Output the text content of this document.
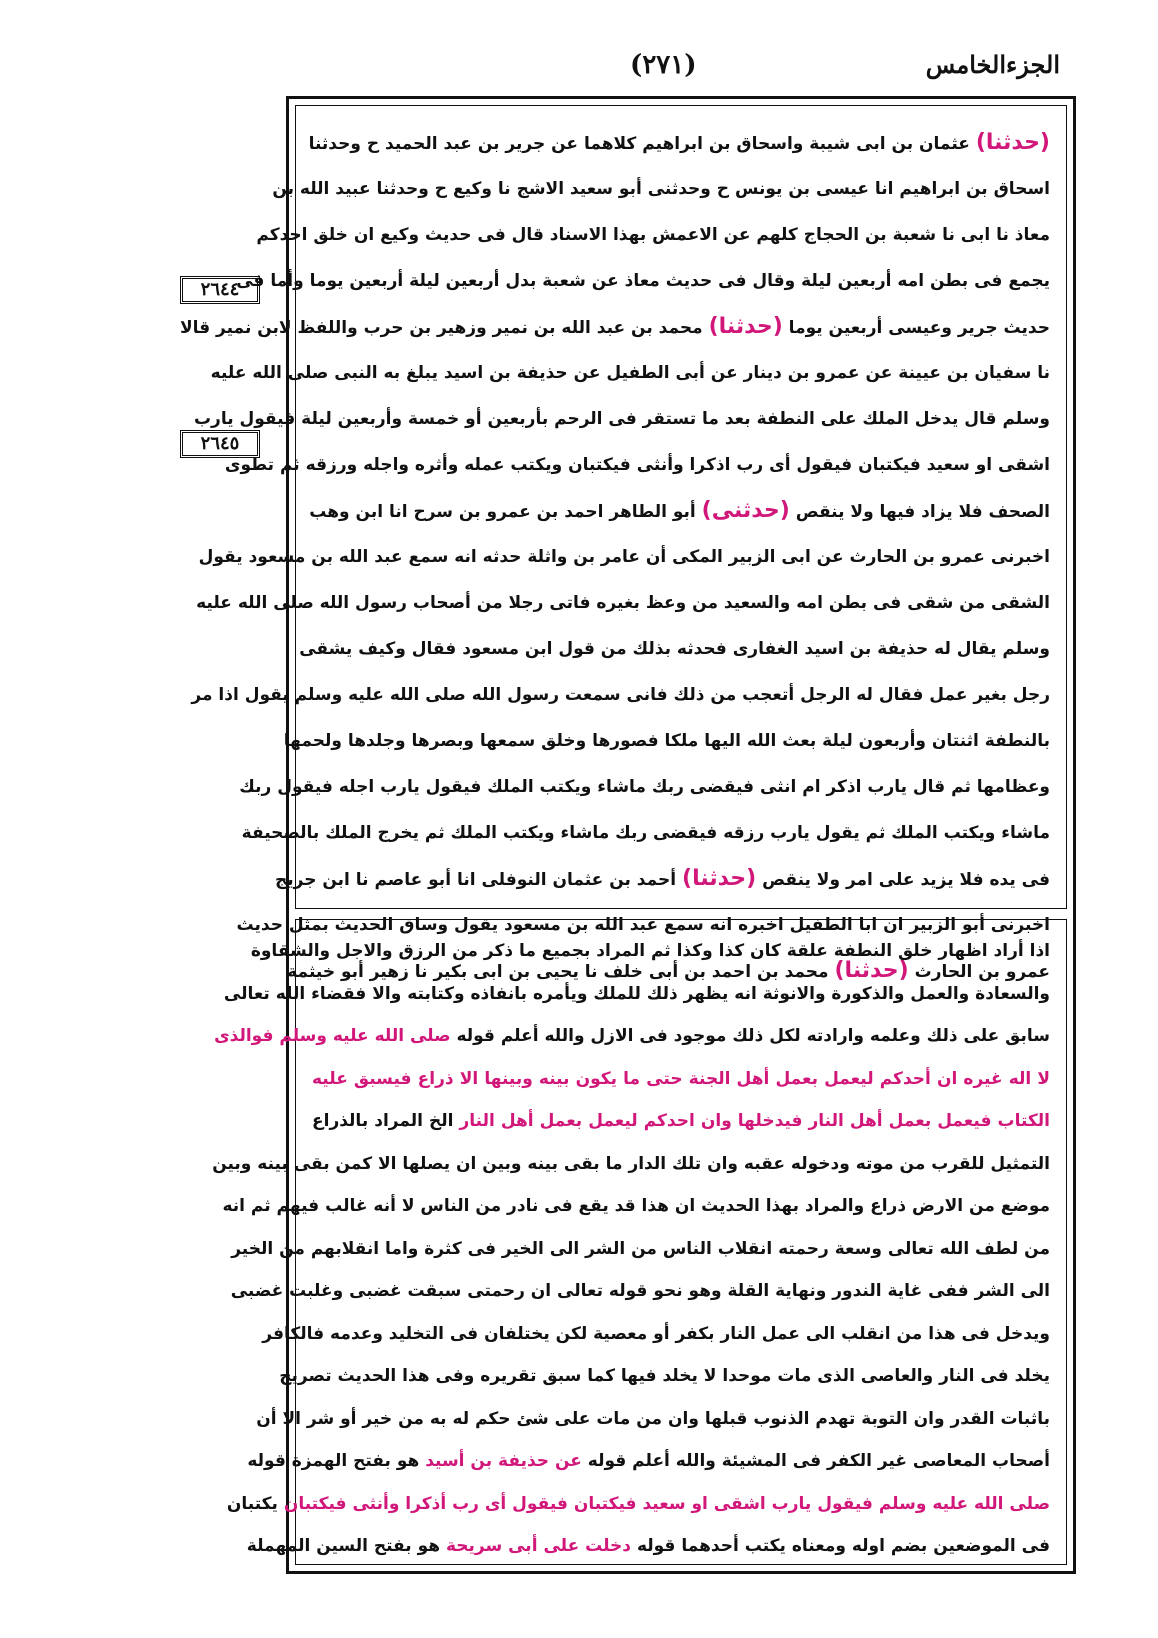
الجزءالخامس
(٢٧١)
٢٦٤٤
٢٦٤٥
(حدثنا) عثمان بن ابى شيبة واسحاق بن ابراهيم كلاهما عن جرير بن عبد الحميد ح وحدثنا
اسحاق بن ابراهيم انا عيسى بن يونس ح وحدثنى أبو سعيد الاشج نا وكيع ح وحدثنا عبيد الله بن
معاذ نا ابى نا شعبة بن الحجاج كلهم عن الاعمش بهذا الاسناد قال فى حديث وكيع ان خلق احدكم
يجمع فى بطن امه أربعين ليلة وقال فى حديث معاذ عن شعبة بدل أربعين ليلة أربعين يوما وأما فى
حديث جرير وعيسى أربعين يوما (حدثنا) محمد بن عبد الله بن نمير وزهير بن حرب واللفظ لابن نمير قالا
نا سفيان بن عيينة عن عمرو بن دينار عن أبى الطفيل عن حذيفة بن اسيد يبلغ به النبى صلى الله عليه
وسلم قال يدخل الملك على النطفة بعد ما تستقر فى الرحم بأربعين أو خمسة وأربعين ليلة فيقول يارب
اشقى او سعيد فيكتبان فيقول أى رب اذكرا وأنثى فيكتبان ويكتب عمله وأثره واجله ورزقه ثم تطوى
الصحف فلا يزاد فيها ولا ينقص (حدثنى) أبو الطاهر احمد بن عمرو بن سرح انا ابن وهب
اخبرنى عمرو بن الحارث عن ابى الزبير المكى أن عامر بن واثلة حدثه انه سمع عبد الله بن مسعود يقول
الشقى من شقى فى بطن امه والسعيد من وعظ بغيره فاتى رجلا من أصحاب رسول الله صلى الله عليه
وسلم يقال له حذيفة بن اسيد الغفارى فحدثه بذلك من قول ابن مسعود فقال وكيف يشقى
رجل بغير عمل فقال له الرجل أتعجب من ذلك فانى سمعت رسول الله صلى الله عليه وسلم يقول اذا مر
بالنطفة اثنتان وأربعون ليلة بعث الله اليها ملكا فصورها وخلق سمعها وبصرها وجلدها ولحمها
وعظامها ثم قال يارب اذكر ام انثى فيقضى ربك ماشاء ويكتب الملك فيقول يارب اجله فيقول ربك
ماشاء ويكتب الملك ثم يقول يارب رزقه فيقضى ربك ماشاء ويكتب الملك ثم يخرج الملك بالصحيفة
فى يده فلا يزيد على امر ولا ينقص (حدثنا) أحمد بن عثمان النوفلى انا أبو عاصم نا ابن جريج
اخبرنى أبو الزبير ان ابا الطفيل اخبره انه سمع عبد الله بن مسعود يقول وساق الحديث بمثل حديث
عمرو بن الحارث (حدثنا) محمد بن احمد بن أبى خلف نا يحيى بن ابى بكير نا زهير أبو خيثمة
اذا أراد اظهار خلق النطفة علقة كان كذا وكذا ثم المراد بجميع ما ذكر من الرزق والاجل والشقاوة
والسعادة والعمل والذكورة والانوثة انه يظهر ذلك للملك ويأمره بانفاذه وكتابته والا فقضاء الله تعالى
سابق على ذلك وعلمه وارادته لكل ذلك موجود فى الازل والله أعلم قوله صلى الله عليه وسلم فوالذى
لا اله غيره ان أحدكم ليعمل بعمل أهل الجنة حتى ما يكون بينه وبينها الا ذراع فيسبق عليه
الكتاب فيعمل بعمل أهل النار فيدخلها وان احدكم ليعمل بعمل أهل النار الخ المراد بالذراع
التمثيل للقرب من موته ودخوله عقبه وان تلك الدار ما بقى بينه وبين ان يصلها الا كمن بقى بينه وبين
موضع من الارض ذراع والمراد بهذا الحديث ان هذا قد يقع فى نادر من الناس لا أنه غالب فيهم ثم انه
من لطف الله تعالى وسعة رحمته انقلاب الناس من الشر الى الخير فى كثرة واما انقلابهم من الخير
الى الشر ففى غاية الندور ونهاية القلة وهو نحو قوله تعالى ان رحمتى سبقت غضبى وغلبت غضبى
ويدخل فى هذا من انقلب الى عمل النار بكفر أو معصية لكن يختلفان فى التخليد وعدمه فالكافر
يخلد فى النار والعاصى الذى مات موحدا لا يخلد فيها كما سبق تقريره وفى هذا الحديث تصريح
باثبات القدر وان التوبة تهدم الذنوب قبلها وان من مات على شئ حكم له به من خير أو شر الا أن
أصحاب المعاصى غير الكفر فى المشيئة والله أعلم قوله عن حذيفة بن أسيد هو بفتح الهمزة قوله
صلى الله عليه وسلم فيقول يارب اشقى او سعيد فيكتبان فيقول أى رب أذكرا وأنثى فيكتبان يكتبان
فى الموضعين بضم اوله ومعناه يكتب أحدهما قوله دخلت على أبى سريحة هو بفتح السين المهملة
